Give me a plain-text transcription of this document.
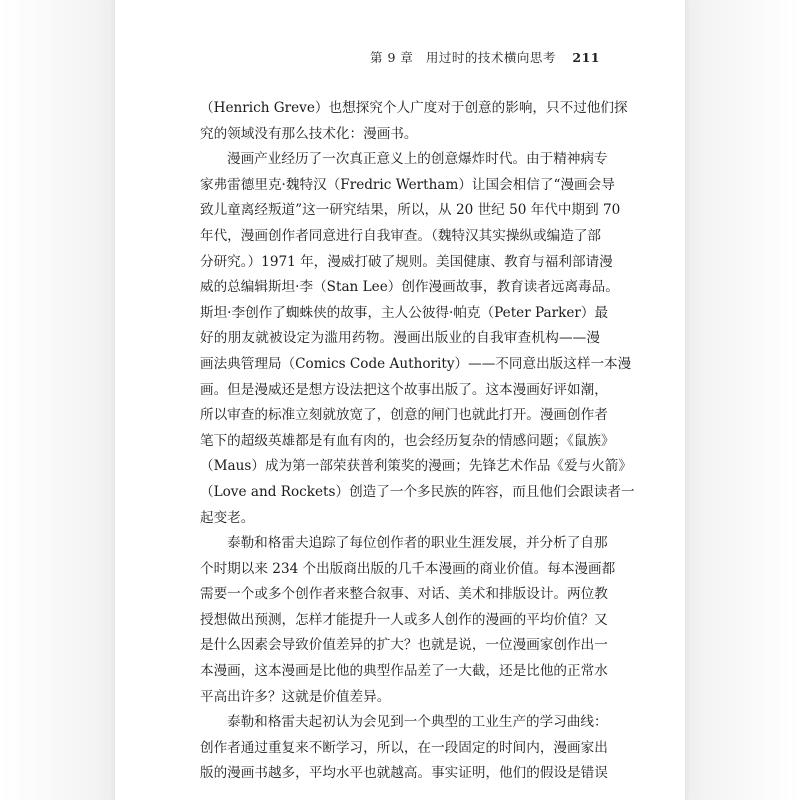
第 9 章 用过时的技术横向思考 211
（Henrich Greve）也想探究个人广度对于创意的影响，只不过他们探
究的领域没有那么技术化：漫画书。
漫画产业经历了一次真正意义上的创意爆炸时代。由于精神病专
家弗雷德里克·魏特汉（Fredric Wertham）让国会相信了“漫画会导
致儿童离经叛道”这一研究结果，所以，从 20 世纪 50 年代中期到 70
年代，漫画创作者同意进行自我审查。（魏特汉其实操纵或编造了部
分研究。）1971 年，漫威打破了规则。美国健康、教育与福利部请漫
威的总编辑斯坦·李（Stan Lee）创作漫画故事，教育读者远离毒品。
斯坦·李创作了蜘蛛侠的故事，主人公彼得·帕克（Peter Parker）最
好的朋友就被设定为滥用药物。漫画出版业的自我审查机构——漫
画法典管理局（Comics Code Authority）——不同意出版这样一本漫
画。但是漫威还是想方设法把这个故事出版了。这本漫画好评如潮，
所以审查的标准立刻就放宽了，创意的闸门也就此打开。漫画创作者
笔下的超级英雄都是有血有肉的，也会经历复杂的情感问题；《鼠族》
（Maus）成为第一部荣获普利策奖的漫画；先锋艺术作品《爱与火箭》
（Love and Rockets）创造了一个多民族的阵容，而且他们会跟读者一
起变老。
泰勒和格雷夫追踪了每位创作者的职业生涯发展，并分析了自那
个时期以来 234 个出版商出版的几千本漫画的商业价值。每本漫画都
需要一个或多个创作者来整合叙事、对话、美术和排版设计。两位教
授想做出预测，怎样才能提升一人或多人创作的漫画的平均价值？又
是什么因素会导致价值差异的扩大？也就是说，一位漫画家创作出一
本漫画，这本漫画是比他的典型作品差了一大截，还是比他的正常水
平高出许多？这就是价值差异。
泰勒和格雷夫起初认为会见到一个典型的工业生产的学习曲线：
创作者通过重复来不断学习，所以，在一段固定的时间内，漫画家出
版的漫画书越多，平均水平也就越高。事实证明，他们的假设是错误
